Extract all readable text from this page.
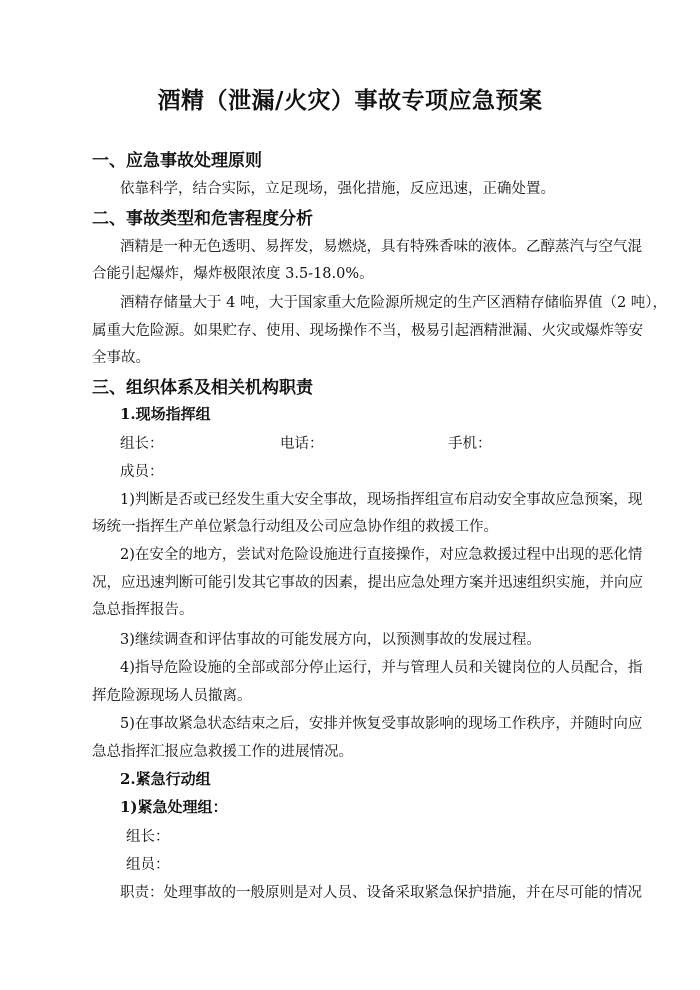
酒精（泄漏/火灾）事故专项应急预案
一、应急事故处理原则
依靠科学，结合实际，立足现场，强化措施，反应迅速，正确处置。
二、事故类型和危害程度分析
酒精是一种无色透明、易挥发，易燃烧，具有特殊香味的液体。乙醇蒸汽与空气混
合能引起爆炸，爆炸极限浓度 3.5-18.0%。
酒精存储量大于 4 吨，大于国家重大危险源所规定的生产区酒精存储临界值（2 吨），
属重大危险源。如果贮存、使用、现场操作不当，极易引起酒精泄漏、火灾或爆炸等安
全事故。
三、组织体系及相关机构职责
1.现场指挥组
组长：	电话：	手机：
成员：
1)判断是否或已经发生重大安全事故，现场指挥组宣布启动安全事故应急预案，现
场统一指挥生产单位紧急行动组及公司应急协作组的救援工作。
2)在安全的地方，尝试对危险设施进行直接操作，对应急救援过程中出现的恶化情
况，应迅速判断可能引发其它事故的因素，提出应急处理方案并迅速组织实施，并向应
急总指挥报告。
3)继续调查和评估事故的可能发展方向，以预测事故的发展过程。
4)指导危险设施的全部或部分停止运行，并与管理人员和关键岗位的人员配合，指
挥危险源现场人员撤离。
5)在事故紧急状态结束之后，安排并恢复受事故影响的现场工作秩序，并随时向应
急总指挥汇报应急救援工作的进展情况。
2.紧急行动组
1)紧急处理组：
组长：
组员：
职责：处理事故的一般原则是对人员、设备采取紧急保护措施，并在尽可能的情况
